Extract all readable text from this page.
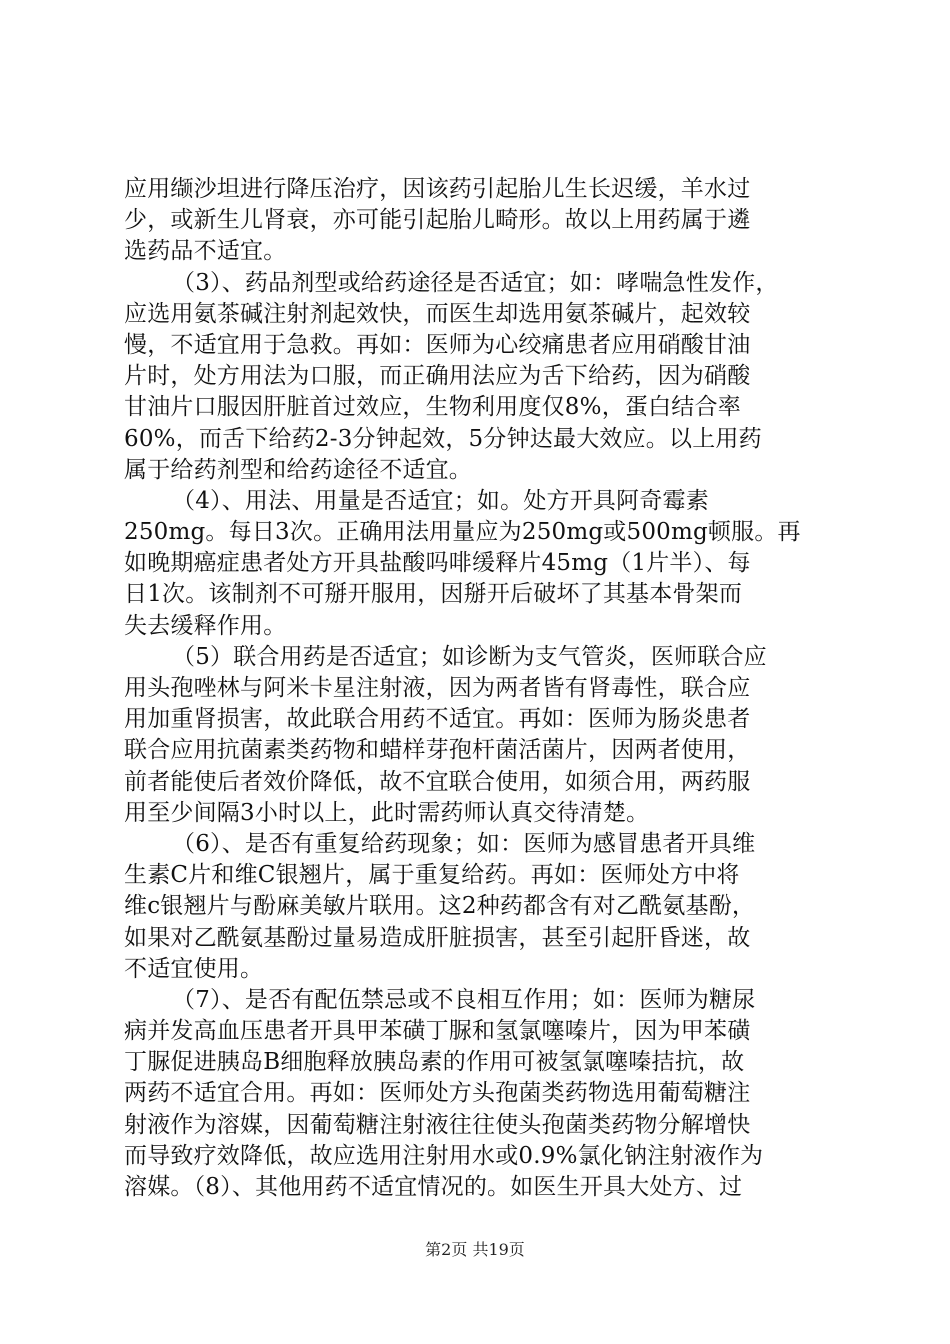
应用缬沙坦进行降压治疗，因该药引起胎儿生长迟缓，羊水过
少，或新生儿肾衰，亦可能引起胎儿畸形。故以上用药属于遴
选药品不适宜。
（3）、药品剂型或给药途径是否适宜；如：哮喘急性发作，
应选用氨茶碱注射剂起效快，而医生却选用氨茶碱片，起效较
慢，不适宜用于急救。再如：医师为心绞痛患者应用硝酸甘油
片时，处方用法为口服，而正确用法应为舌下给药，因为硝酸
甘油片口服因肝脏首过效应，生物利用度仅8%，蛋白结合率
60%，而舌下给药2-3分钟起效，5分钟达最大效应。以上用药
属于给药剂型和给药途径不适宜。
（4）、用法、用量是否适宜；如。处方开具阿奇霉素
250mg。每日3次。正确用法用量应为250mg或500mg顿服。再
如晚期癌症患者处方开具盐酸吗啡缓释片45mg（1片半）、每
日1次。该制剂不可掰开服用，因掰开后破坏了其基本骨架而
失去缓释作用。
（5）联合用药是否适宜；如诊断为支气管炎，医师联合应
用头孢唑林与阿米卡星注射液，因为两者皆有肾毒性，联合应
用加重肾损害，故此联合用药不适宜。再如：医师为肠炎患者
联合应用抗菌素类药物和蜡样芽孢杆菌活菌片，因两者使用，
前者能使后者效价降低，故不宜联合使用，如须合用，两药服
用至少间隔3小时以上，此时需药师认真交待清楚。
（6）、是否有重复给药现象；如：医师为感冒患者开具维
生素C片和维C银翘片，属于重复给药。再如：医师处方中将
维c银翘片与酚麻美敏片联用。这2种药都含有对乙酰氨基酚，
如果对乙酰氨基酚过量易造成肝脏损害，甚至引起肝昏迷，故
不适宜使用。
（7）、是否有配伍禁忌或不良相互作用；如：医师为糖尿
病并发高血压患者开具甲苯磺丁脲和氢氯噻嗪片，因为甲苯磺
丁脲促进胰岛B细胞释放胰岛素的作用可被氢氯噻嗪拮抗，故
两药不适宜合用。再如：医师处方头孢菌类药物选用葡萄糖注
射液作为溶媒，因葡萄糖注射液往往使头孢菌类药物分解增快
而导致疗效降低，故应选用注射用水或0.9%氯化钠注射液作为
溶媒。（8）、其他用药不适宜情况的。如医生开具大处方、过
第2页 共19页
